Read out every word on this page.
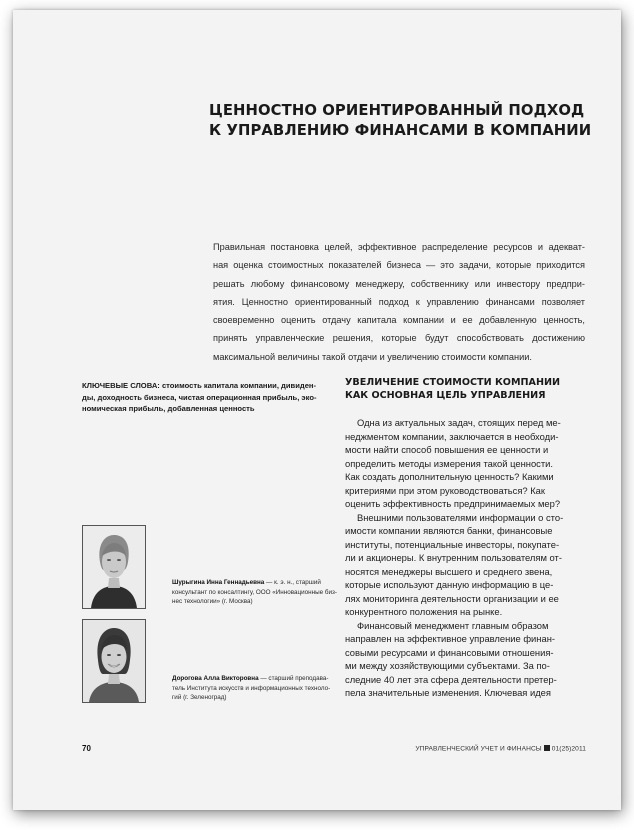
ЦЕННОСТНО ОРИЕНТИРОВАННЫЙ ПОДХОД
К УПРАВЛЕНИЮ ФИНАНСАМИ В КОМПАНИИ
Правильная постановка целей, эффективное распределение ресурсов и адекват-
ная оценка стоимостных показателей бизнеса — это задачи, которые приходится
решать любому финансовому менеджеру, собственнику или инвестору предпри-
ятия. Ценностно ориентированный подход к управлению финансами позволяет
своевременно оценить отдачу капитала компании и ее добавленную ценность,
принять управленческие решения, которые будут способствовать достижению
максимальной величины такой отдачи и увеличению стоимости компании.
КЛЮЧЕВЫЕ СЛОВА: стоимость капитала компании, дивиден-
ды, доходность бизнеса, чистая операционная прибыль, эко-
номическая прибыль, добавленная ценность
Шурыгина Инна Геннадьевна — к. э. н., старший
консультант по консалтингу, ООО «Инновационные биз-
нес технологии» (г. Москва)
Дорогова Алла Викторовна — старший преподава-
тель Института искусств и информационных техноло-
гий (г. Зеленоград)
УВЕЛИЧЕНИЕ СТОИМОСТИ КОМПАНИИ
КАК ОСНОВНАЯ ЦЕЛЬ УПРАВЛЕНИЯ
Одна из актуальных задач, стоящих перед ме-
неджментом компании, заключается в необходи-
мости найти способ повышения ее ценности и
определить методы измерения такой ценности.
Как создать дополнительную ценность? Какими
критериями при этом руководствоваться? Как
оценить эффективность предпринимаемых мер?
Внешними пользователями информации о сто-
имости компании являются банки, финансовые
институты, потенциальные инвесторы, покупате-
ли и акционеры. К внутренним пользователям от-
носятся менеджеры высшего и среднего звена,
которые используют данную информацию в це-
лях мониторинга деятельности организации и ее
конкурентного положения на рынке.
Финансовый менеджмент главным образом
направлен на эффективное управление финан-
совыми ресурсами и финансовыми отношения-
ми между хозяйствующими субъектами. За по-
следние 40 лет эта сфера деятельности претер-
пела значительные изменения. Ключевая идея
70	УПРАВЛЕНЧЕСКИЙ УЧЕТ И ФИНАНСЫ 01(25)2011
